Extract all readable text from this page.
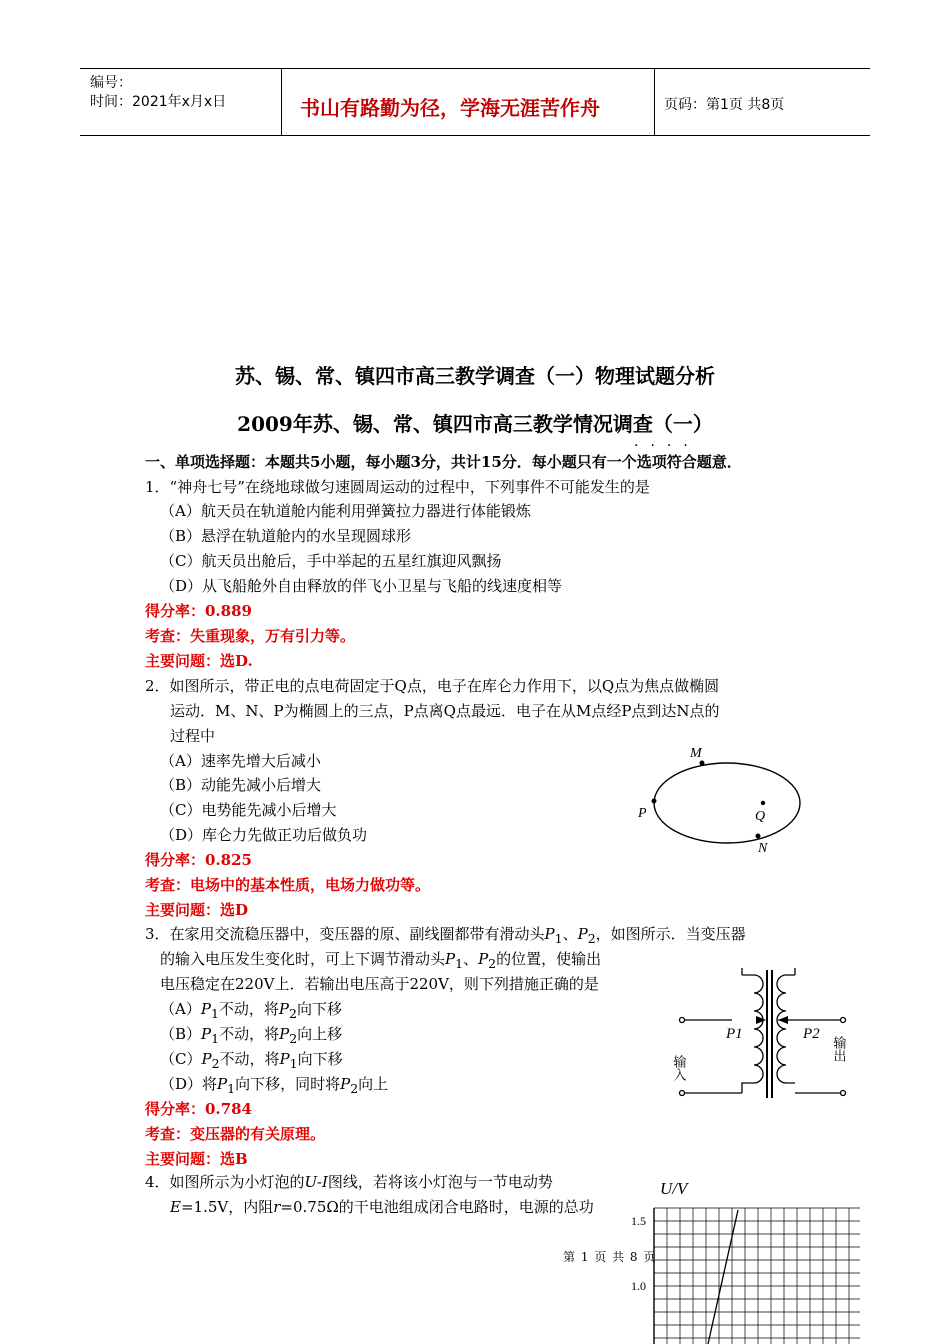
编号：
时间：2021年x月x日	书山有路勤为径，学海无涯苦作舟	页码：第1页 共8页
苏、锡、常、镇四市高三教学调查（一）物理试题分析
2009年苏、锡、常、镇四市高三教学情况调查（一）
····
一、单项选择题：本题共5小题，每小题3分，共计15分．每小题只有一个选项符合题意．
1．“神舟七号”在绕地球做匀速圆周运动的过程中，下列事件不可能发生的是
（A）航天员在轨道舱内能利用弹簧拉力器进行体能锻炼
（B）悬浮在轨道舱内的水呈现圆球形
（C）航天员出舱后，手中举起的五星红旗迎风飘扬
（D）从飞船舱外自由释放的伴飞小卫星与飞船的线速度相等
得分率：0.889
考查：失重现象，万有引力等。
主要问题：选D.
2．如图所示，带正电的点电荷固定于Q点，电子在库仑力作用下，以Q点为焦点做椭圆
运动．M、N、P为椭圆上的三点，P点离Q点最远．电子在从M点经P点到达N点的
过程中
（A）速率先增大后减小
（B）动能先减小后增大
（C）电势能先减小后增大
（D）库仑力先做正功后做负功
得分率：0.825
考查：电场中的基本性质，电场力做功等。
主要问题：选D
M
P	Q
N
3．在家用交流稳压器中，变压器的原、副线圈都带有滑动头$P_1$、$P_2$，如图所示．当变压器
的输入电压发生变化时，可上下调节滑动头$P_1$、$P_2$的位置，使输出
电压稳定在220V上．若输出电压高于220V，则下列措施正确的是
$(A)P_1$不动，将$P_2$向下移
$(B)P_1$不动，将$P_2$向上移
$(C)P_2$不动，将$P_1$向下移
（D）将$P_1$向下移，同时将$P_2$向上
得分率：0.784
考查：变压器的有关原理。
主要问题：选B
P1	P2
输入
输出
4．如图所示为小灯泡的U-I图线，若将该小灯泡与一节电动势
E=1.5V，内阻r=0.75Ω的干电池组成闭合电路时，电源的总功
U/V
1.5
1.0
第 1 页 共 8 页
